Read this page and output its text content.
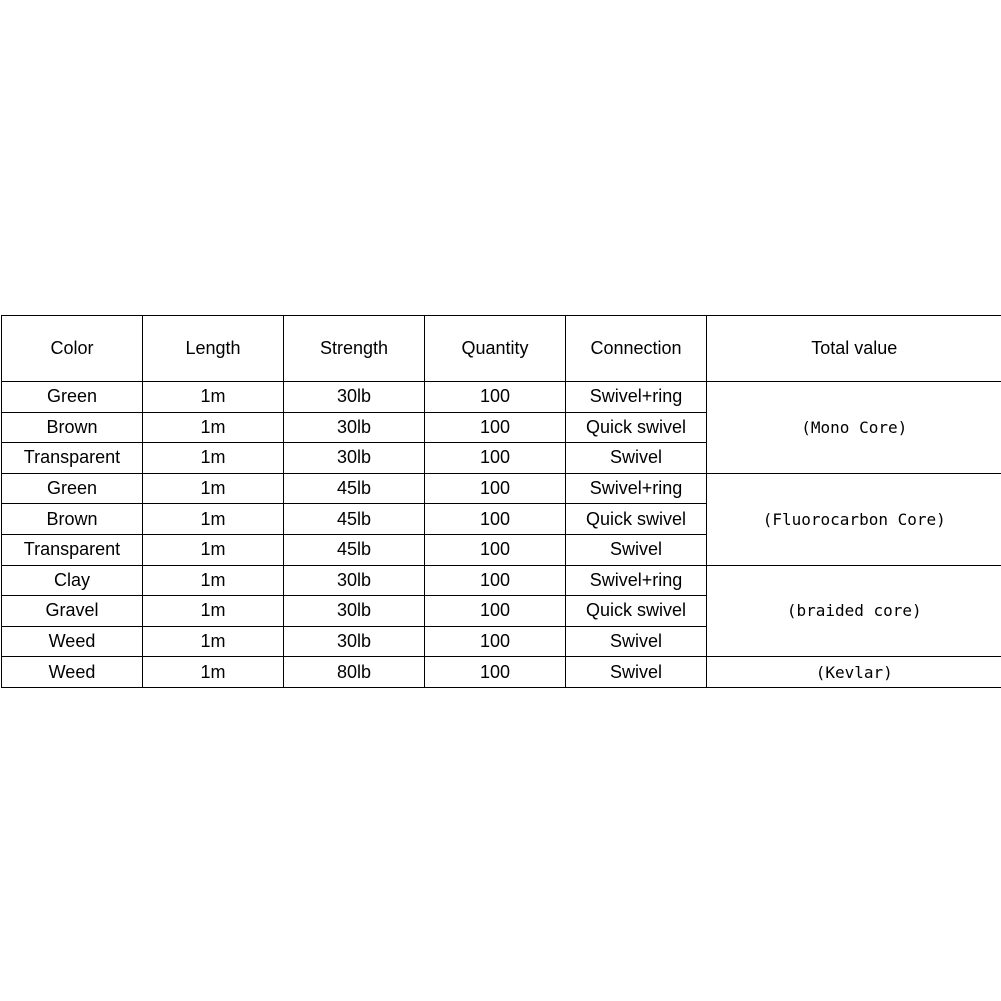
Color	Length	Strength	Quantity	Connection	Total value
Green	1m	30lb	100	Swivel+ring	(Mono Core)
Brown	1m	30lb	100	Quick swivel	
Transparent	1m	30lb	100	Swivel	
Green	1m	45lb	100	Swivel+ring	(Fluorocarbon Core)
Brown	1m	45lb	100	Quick swivel	
Transparent	1m	45lb	100	Swivel	
Clay	1m	30lb	100	Swivel+ring	(braided core)
Gravel	1m	30lb	100	Quick swivel	
Weed	1m	30lb	100	Swivel	
Weed	1m	80lb	100	Swivel	(Kevlar)
